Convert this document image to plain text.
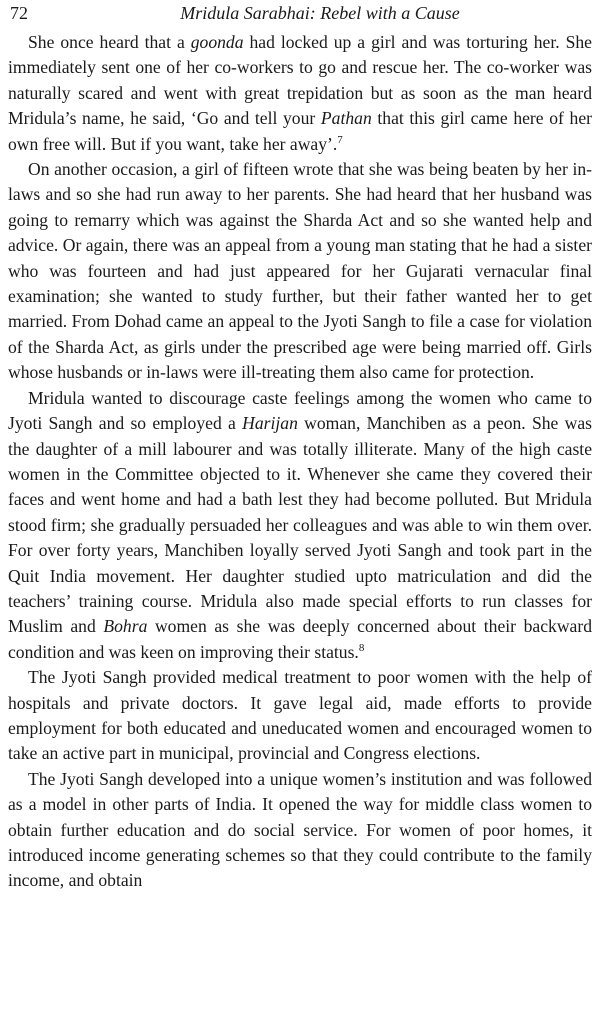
72	Mridula Sarabhai: Rebel with a Cause

She once heard that a goonda had locked up a girl and was torturing her. She immediately sent one of her co-workers to go and rescue her. The co-worker was naturally scared and went with great trepidation but as soon as the man heard Mridula’s name, he said, ‘Go and tell your Pathan that this girl came here of her own free will. But if you want, take her away’.$^7$

On another occasion, a girl of fifteen wrote that she was being beaten by her in-laws and so she had run away to her parents. She had heard that her husband was going to remarry which was against the Sharda Act and so she wanted help and advice. Or again, there was an appeal from a young man stating that he had a sister who was fourteen and had just appeared for her Gujarati vernacular final examination; she wanted to study further, but their father wanted her to get married. From Dohad came an appeal to the Jyoti Sangh to file a case for violation of the Sharda Act, as girls under the prescribed age were being married off. Girls whose husbands or in-laws were ill-treating them also came for protection.

Mridula wanted to discourage caste feelings among the women who came to Jyoti Sangh and so employed a Harijan woman, Manchiben as a peon. She was the daughter of a mill labourer and was totally illiterate. Many of the high caste women in the Committee objected to it. Whenever she came they covered their faces and went home and had a bath lest they had become polluted. But Mridula stood firm; she gradually persuaded her colleagues and was able to win them over. For over forty years, Manchiben loyally served Jyoti Sangh and took part in the Quit India movement. Her daughter studied upto matriculation and did the teachers’ training course. Mridula also made special efforts to run classes for Muslim and Bohra women as she was deeply concerned about their backward condition and was keen on improving their status.$^8$

The Jyoti Sangh provided medical treatment to poor women with the help of hospitals and private doctors. It gave legal aid, made efforts to provide employment for both educated and uneducated women and encouraged women to take an active part in municipal, provincial and Congress elections.

The Jyoti Sangh developed into a unique women’s institution and was followed as a model in other parts of India. It opened the way for middle class women to obtain further education and do social service. For women of poor homes, it introduced income generating schemes so that they could contribute to the family income, and obtain
